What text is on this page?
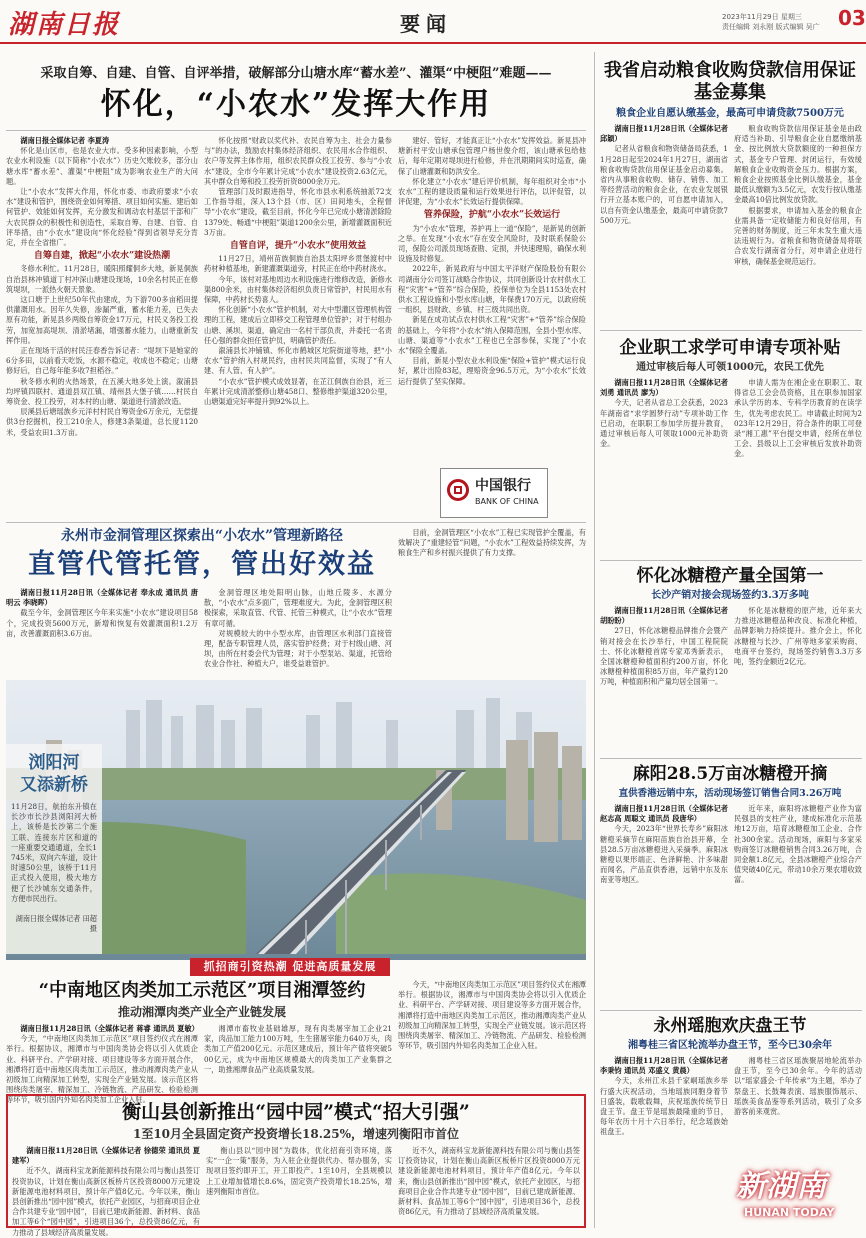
湖南日报	要闻	2023年11月29日 星期三
责任编辑 刘永刚 版式编辑 吴广 03
采取自筹、自建、自管、自评举措，破解部分山塘水库“蓄水差”、灌渠“中梗阻”难题——
怀化，“小农水”发挥大作用

湖南日报全媒体记者 李夏涛

怀化是山区市，也是农业大市。受多种因素影响，小型农业水利设施（以下简称“小农水”）历史欠账较多，部分山塘水库“蓄水差”、灌渠“中梗阻”成为影响农业生产的大问题。

让“小农水”发挥大作用，怀化市委、市政府要求“小农水”建设和管护，围绕资金如何筹措、项目如何实施、建后如何管护、效能如何发挥，充分激发和调动农村基层干部和广大农民群众的积极性和创造性，采取自筹、自建、自管、自评举措，由“小农水”建设向“怀化经验”得到省领导充分肯定，并在全省推广。

自筹自建，掀起“小农水”建设热潮

冬修水利忙。11月28日，暖阳照耀侗乡大地，新晃侗族自治县林冲镇道丁村冲深山塘建设现场，10余名村民正在修筑堤坝，一派热火朝天景象。

这口塘于上世纪50年代由建成，为下游700多亩稻田提供灌溉用水。因年久失修，渗漏严重，蓄水能力差，已失去原有功能，新晃县乡两级自筹资金17万元，村民义务投工投劳，加宽加高堤坝、清淤堵漏，增强蓄水能力，山塘重新发挥作用。

正在现场干活的村民汪春香告诉记者：“堤坝下是她家的6分多田，以前看天吃饭，水源不稳定，收成也不稳定；山塘修好后，自己每年能多收7担稻谷。”

秋冬修水利的火热场景，在五溪大地多处上演。溆浦县均坪镇四联村、通道县双江镇、靖州县大堡子镇……村民自筹资金、投工投劳，对本村的山塘、渠道进行清淤改造。

辰溪县后塘瑶族乡元洋村村民自筹资金6万余元，无偿提供3台挖掘机，投工210余人，修建3条渠道，总长度1120米，受益农田1.3万亩。

怀化按照“财政以奖代补、农民自筹为主、社会力量参与”的办法，鼓励农村集体经济组织、农民用水合作组织、农户等发挥主体作用，组织农民群众投工投劳、参与“小农水”建设，全市今年累计完成“小农水”建设投资2.63亿元，其中群众自筹和投工投劳折资8000余万元。

管理部门及时跟进指导，怀化市县水利系统抽派72支工作指导组，深入13个县（市、区）田间地头，全程督导“小农水”建设，截至目前，怀化今年已完成小塘清淤除险1379处、畅通“中梗阻”渠道1200余公里，新增灌溉面积近3万亩。

自管自评，提升“小农水”使用效益

11月27日，靖州苗族侗族自治县太阳坪乡贯堡渡村中药材种植基地，新建灌溉渠道旁，村民正在给中药材浇水。

今年，该村对基地周边水利设施进行维修改造，新修水渠800余米，由村集体经济组织负责日常管护，村民用水有保障，中药材长势喜人。

怀化创新“小农水”管护机制，对大中型灌区管理机构管理的工程，建成后立即移交工程管理单位管护；对于村组办山塘、溪坝、渠道，确定由一名村干部负责，并委托一名责任心强的群众担任管护员，明确管护责任。

溆浦县长冲铺镇、怀化市鹤城区坨院街道等地，把“小农水”管护纳入村规民约，由村民共同监督，实现了“有人建、有人管、有人护”。

“小农水”管护模式成效显著，在芷江侗族自治县，近三年累计完成清淤整修山塘458口、整修维护渠道320公里，山塘渠道完好率提升到92%以上。

建好、管好，才能真正让“小农水”发挥效益。新晃县冲塘新村平安山塘承包管理户杨世俊介绍，该山塘承包给他后，每年定期对堤坝进行检修，并在汛期期间实时巡查，确保了山塘灌溉和防洪安全。

怀化建立“小农水”建后评价机制，每年组织对全市“小农水”工程的建设质量和运行效果进行评估，以评促管，以评促建，为“小农水”长效运行提供保障。

管养保险，护航“小农水”长效运行

为“小农水”管理，养护再上一道“保险”，是新晃的创新之举。在发现“小农水”存在安全风险时，及时联系保险公司，保险公司派员现场查勘、定损，并快速理赔，确保水利设施及时修复。

2022年，新晃政府与中国太平洋财产保险股份有限公司湖南分公司签订战略合作协议，共同创新设计农村供水工程“灾害”+“管养”综合保险，投保单位为全县1153处农村供水工程设施和小型水库山塘，年保费170万元，以政府统一组织，县财政、乡镇、村三级共同出资。

新晃在成功试点农村供水工程“灾害”+“管养”综合保险的基础上，今年将“小农水”纳入保障范围，全县小型水库、山塘、渠道等“小农水”工程也已全部参保，实现了“小农水”保险全覆盖。

目前，新晃小型农业水利设施“保险+管护”模式运行良好，累计出险83起，理赔资金96.5万元，为“小农水”长效运行提供了坚实保障。

中国银行
BANK OF CHINA
永州市金洞管理区探索出“小农水”管理新路径
直管代管托管，管出好效益

湖南日报11月28日讯（全媒体记者 奉永成 通讯员 唐明云 李晓晖）

截至今年，金洞管理区今年来实施“小农水”建设项目58个，完成投资5600万元，新增和恢复有效灌溉面积1.2万亩，改善灌溉面积3.6万亩。

金洞管理区地处阳明山脉，山地丘陵多、水源分散，“小农水”点多面广，管理难度大。为此，金洞管理区积极探索，采取直管、代管、托管三种模式，让“小农水”管理有章可循。

对规模较大的中小型水库，由管理区水利部门直接管理，配备专职管理人员，落实管护经费；对于村级山塘、河坝，由所在村委会代为管理；对于小型泵站、渠道，托管给农业合作社、种植大户，谁受益谁管护。

目前，金洞管理区“小农水”工程已实现管护全覆盖，有效解决了“重建轻管”问题，“小农水”工程效益持续发挥，为粮食生产和乡村振兴提供了有力支撑。

浏阳河
又添新桥
11月28日，航拍东升镇在长沙市长沙县浏阳河大桥上，该桥是长沙第二个施工联、连接东片区和道的一座重要交通通道，全长1745米，双向六车道，设计时速50公里，该桥于11月正式投入使用，极大地方便了长沙城东交通条件，方便市民出行。
湖南日报全媒体记者 田超 摄
抓招商引资热潮 促进高质量发展
“中南地区肉类加工示范区”项目湘潭签约
推动湘潭肉类产业全产业链发展

湖南日报11月28日讯（全媒体记者 蒋睿 通讯员 夏敏）

今天，“中南地区肉类加工示范区”项目签约仪式在湘潭举行。根据协议，湘潭市与中国肉类协会将以引入优质企业、科研平台、产学研对接、项目建设等多方面开展合作，湘潭将打造中南地区肉类加工示范区，推动湘潭肉类产业从初级加工向精深加工转型，实现全产业链发展。该示范区将围绕肉类屠宰、精深加工、冷链物流、产品研发、检验检测等环节，吸引国内外知名肉类加工企业入驻。

湘潭市畜牧业基础雄厚，现有肉类屠宰加工企业21家，肉品加工能力100万吨，生生猪屠宰能力640万头，肉类加工产值200亿元。示范区建成后，预计年产值将突破500亿元，成为中南地区规模最大的肉类加工产业集群之一，助推湘潭食品产业高质量发展。

今天，“中南地区肉类加工示范区”项目签约仪式在湘潭举行。根据协议，湘潭市与中国肉类协会将以引入优质企业、科研平台、产学研对接、项目建设等多方面开展合作，湘潭将打造中南地区肉类加工示范区，推动湘潭肉类产业从初级加工向精深加工转型，实现全产业链发展。该示范区将围绕肉类屠宰、精深加工、冷链物流、产品研发、检验检测等环节，吸引国内外知名肉类加工企业入驻。

衡山县创新推出“园中园”模式“招大引强”
1至10月全县固定资产投资增长18.25%，增速列衡阳市首位

湖南日报11月28日讯（全媒体记者 徐德荣 通讯员 夏建军）

近不久，湖南科宝龙新能源科技有限公司与衡山县签订投资协议，计划在衡山高新区板桥片区投资8000万元建设新能源电池材料项目，预计年产值8亿元。今年以来，衡山县创新推出“园中园”模式，依托产业园区，与招商项目企业合作共建专业“园中园”，目前已建成新能源、新材料、食品加工等6个“园中园”，引进项目36个，总投资86亿元，有力推动了县域经济高质量发展。

衡山县以“园中园”为载体，优化招商引资环境，落实“一企一策”服务，为入驻企业提供代办、帮办服务，实现项目签约即开工，开工即投产。1至10月，全县规模以上工业增加值增长8.6%，固定资产投资增长18.25%，增速列衡阳市首位。

近不久，湖南科宝龙新能源科技有限公司与衡山县签订投资协议，计划在衡山高新区板桥片区投资8000万元建设新能源电池材料项目，预计年产值8亿元。今年以来，衡山县创新推出“园中园”模式，依托产业园区，与招商项目企业合作共建专业“园中园”，目前已建成新能源、新材料、食品加工等6个“园中园”，引进项目36个，总投资86亿元，有力推动了县域经济高质量发展。

我省启动粮食收购贷款信用保证基金募集
粮食企业自愿认缴基金，最高可申请贷款7500万元

湖南日报11月28日讯（全媒体记者 邱颖）

记者从省粮食和物资储备局获悉，11月28日起至2024年1月27日，湖南省粮食收购贷款信用保证基金启动募集。省内从事粮食收购、储存、销售、加工等经营活动的粮食企业，在农业发展银行开立基本账户的，可自愿申请加入，以自有资金认缴基金，最高可申请贷款7500万元。

粮食收购贷款信用保证基金是由政府适当补助、引导粮食企业自愿缴纳基金、按比例放大贷款额度的一种担保方式，基金专户管理、封闭运行，有效缓解粮食企业收购资金压力。根据方案，粮食企业按照基金比例认缴基金，基金最低认缴额为3.5亿元，农发行按认缴基金最高10倍比例发放贷款。

根据要求，申请加入基金的粮食企业需具备一定收储能力和良好信用，有完善的财务制度，近三年未发生重大违法违规行为。省粮食和物资储备局将联合农发行湖南省分行，对申请企业进行审核，确保基金规范运行。

企业职工求学可申请专项补贴
通过审核后每人可领1000元，农民工优先

湖南日报11月28日讯（全媒体记者 刘勇 通讯员 廖为）

今天，记者从省总工会获悉，2023年湖南省“求学圆梦行动”专项补助工作已启动，在职职工参加学历提升教育，通过审核后每人可领取1000元补助资金。

申请人需为在湘企业在职职工、取得省总工会会员资格，且在职参加国家承认学历的本、专科学历教育的在读学生，优先考虑农民工。申请截止时间为2023年12月29日，符合条件的职工可登录“湘工惠”平台提交申请，经所在单位工会、县级以上工会审核后发放补助资金。

怀化冰糖橙产量全国第一
长沙产销对接会现场签约3.3万多吨

湖南日报11月28日讯（全媒体记者 胡盼盼）

27日，怀化冰糖橙品牌推介会暨产销对接会在长沙举行，中国工程院院士、怀化冰糖橙首席专家邓秀新表示，全国冰糖橙种植面积约200万亩，怀化冰糖橙种植面积85万亩，年产量约120万吨，种植面积和产量均居全国第一。

怀化是冰糖橙的原产地，近年来大力推进冰糖橙品种改良、标准化种植，品牌影响力持续提升。推介会上，怀化冰糖橙与长沙、广州等地多家采购商、电商平台签约，现场签约销售3.3万多吨，签约金额近2亿元。

麻阳28.5万亩冰糖橙开摘
直供香港远销中东，活动现场签订销售合同3.26万吨

湖南日报11月28日讯（全媒体记者 赵志高 周聪文 通讯员 段唐华）

今天，2023年“世界长寿乡”麻阳冰糖橙采摘节在麻阳苗族自治县开幕，全县28.5万亩冰糖橙进入采摘季。麻阳冰糖橙以果形端正、色泽鲜艳、汁多味甜而闻名，产品直供香港，远销中东及东南亚等地区。

近年来，麻阳将冰糖橙产业作为富民强县的支柱产业，建成标准化示范基地12万亩，培育冰糖橙加工企业、合作社300余家。活动现场，麻阳与多家采购商签订冰糖橙销售合同3.26万吨，合同金额1.8亿元，全县冰糖橙产业综合产值突破40亿元，带动10余万果农增收致富。

永州瑶胞欢庆盘王节
湘粤桂三省区轮流举办盘王节，至今已30余年

湖南日报11月28日讯（全媒体记者 李秉钧 通讯员 邓盛义 黄晨）

今天，永州江永县千家峒瑶族乡举行盛大庆祝活动，当地瑶族同胞身着节日盛装，载歌载舞，庆祝瑶族传统节日盘王节。盘王节是瑶族最隆重的节日，每年农历十月十六日举行，纪念瑶族始祖盘王。

湘粤桂三省区瑶族聚居地轮流举办盘王节，至今已30余年。今年的活动以“瑶家盛会·千年传承”为主题，举办了祭盘王、长鼓舞表演、瑶族服饰展示、瑶族美食品鉴等系列活动，吸引了众多游客前来观赏。

新湖南
HUNAN TODAY
